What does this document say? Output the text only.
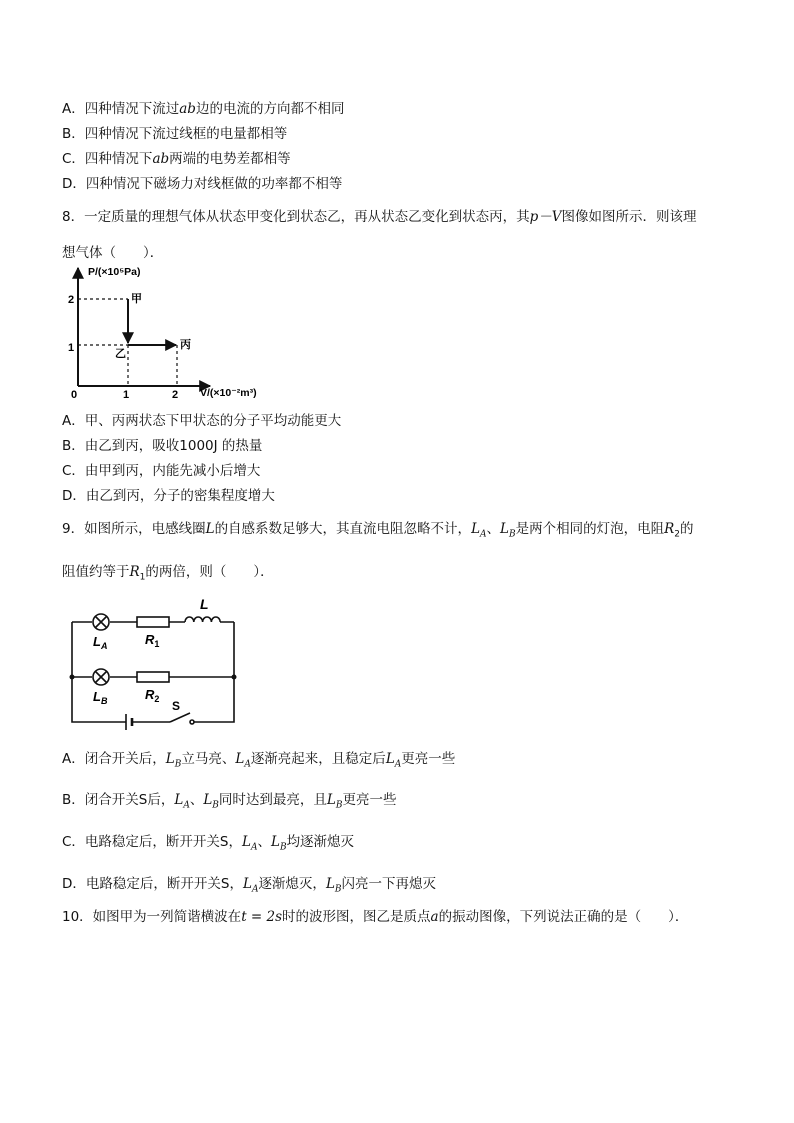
A．四种情况下流过ab边的电流的方向都不相同
B．四种情况下流过线框的电量都相等
C．四种情况下ab两端的电势差都相等
D．四种情况下磁场力对线框做的功率都不相等
8．一定质量的理想气体从状态甲变化到状态乙，再从状态乙变化到状态丙，其p－V图像如图所示．则该理
想气体（　　）．
P/(×10⁵Pa)
V/(×10⁻²m³)
2
1
0	1	2
甲
乙
丙
A．甲、丙两状态下甲状态的分子平均动能更大
B．由乙到丙，吸收1000J 的热量
C．由甲到丙，内能先减小后增大
D．由乙到丙，分子的密集程度增大
9．如图所示，电感线圈L的自感系数足够大，其直流电阻忽略不计，$L_A$、$L_B$是两个相同的灯泡，电阻$R_2$的
阻值约等于$R_1$的两倍，则（　　）．
L
$L_A$	$R_1$
$L_B$	$R_2$ S
A．闭合开关后，$L_B$立马亮、$L_A$逐渐亮起来，且稳定后$L_A$更亮一些
B．闭合开关S后，$L_A$、$L_B$同时达到最亮，且$L_B$更亮一些
C．电路稳定后，断开开关S，$L_A$、$L_B$均逐渐熄灭
D．电路稳定后，断开开关S，$L_A$逐渐熄灭，$L_B$闪亮一下再熄灭
10．如图甲为一列简谐横波在t = 2s时的波形图，图乙是质点a的振动图像，下列说法正确的是（　　）．
